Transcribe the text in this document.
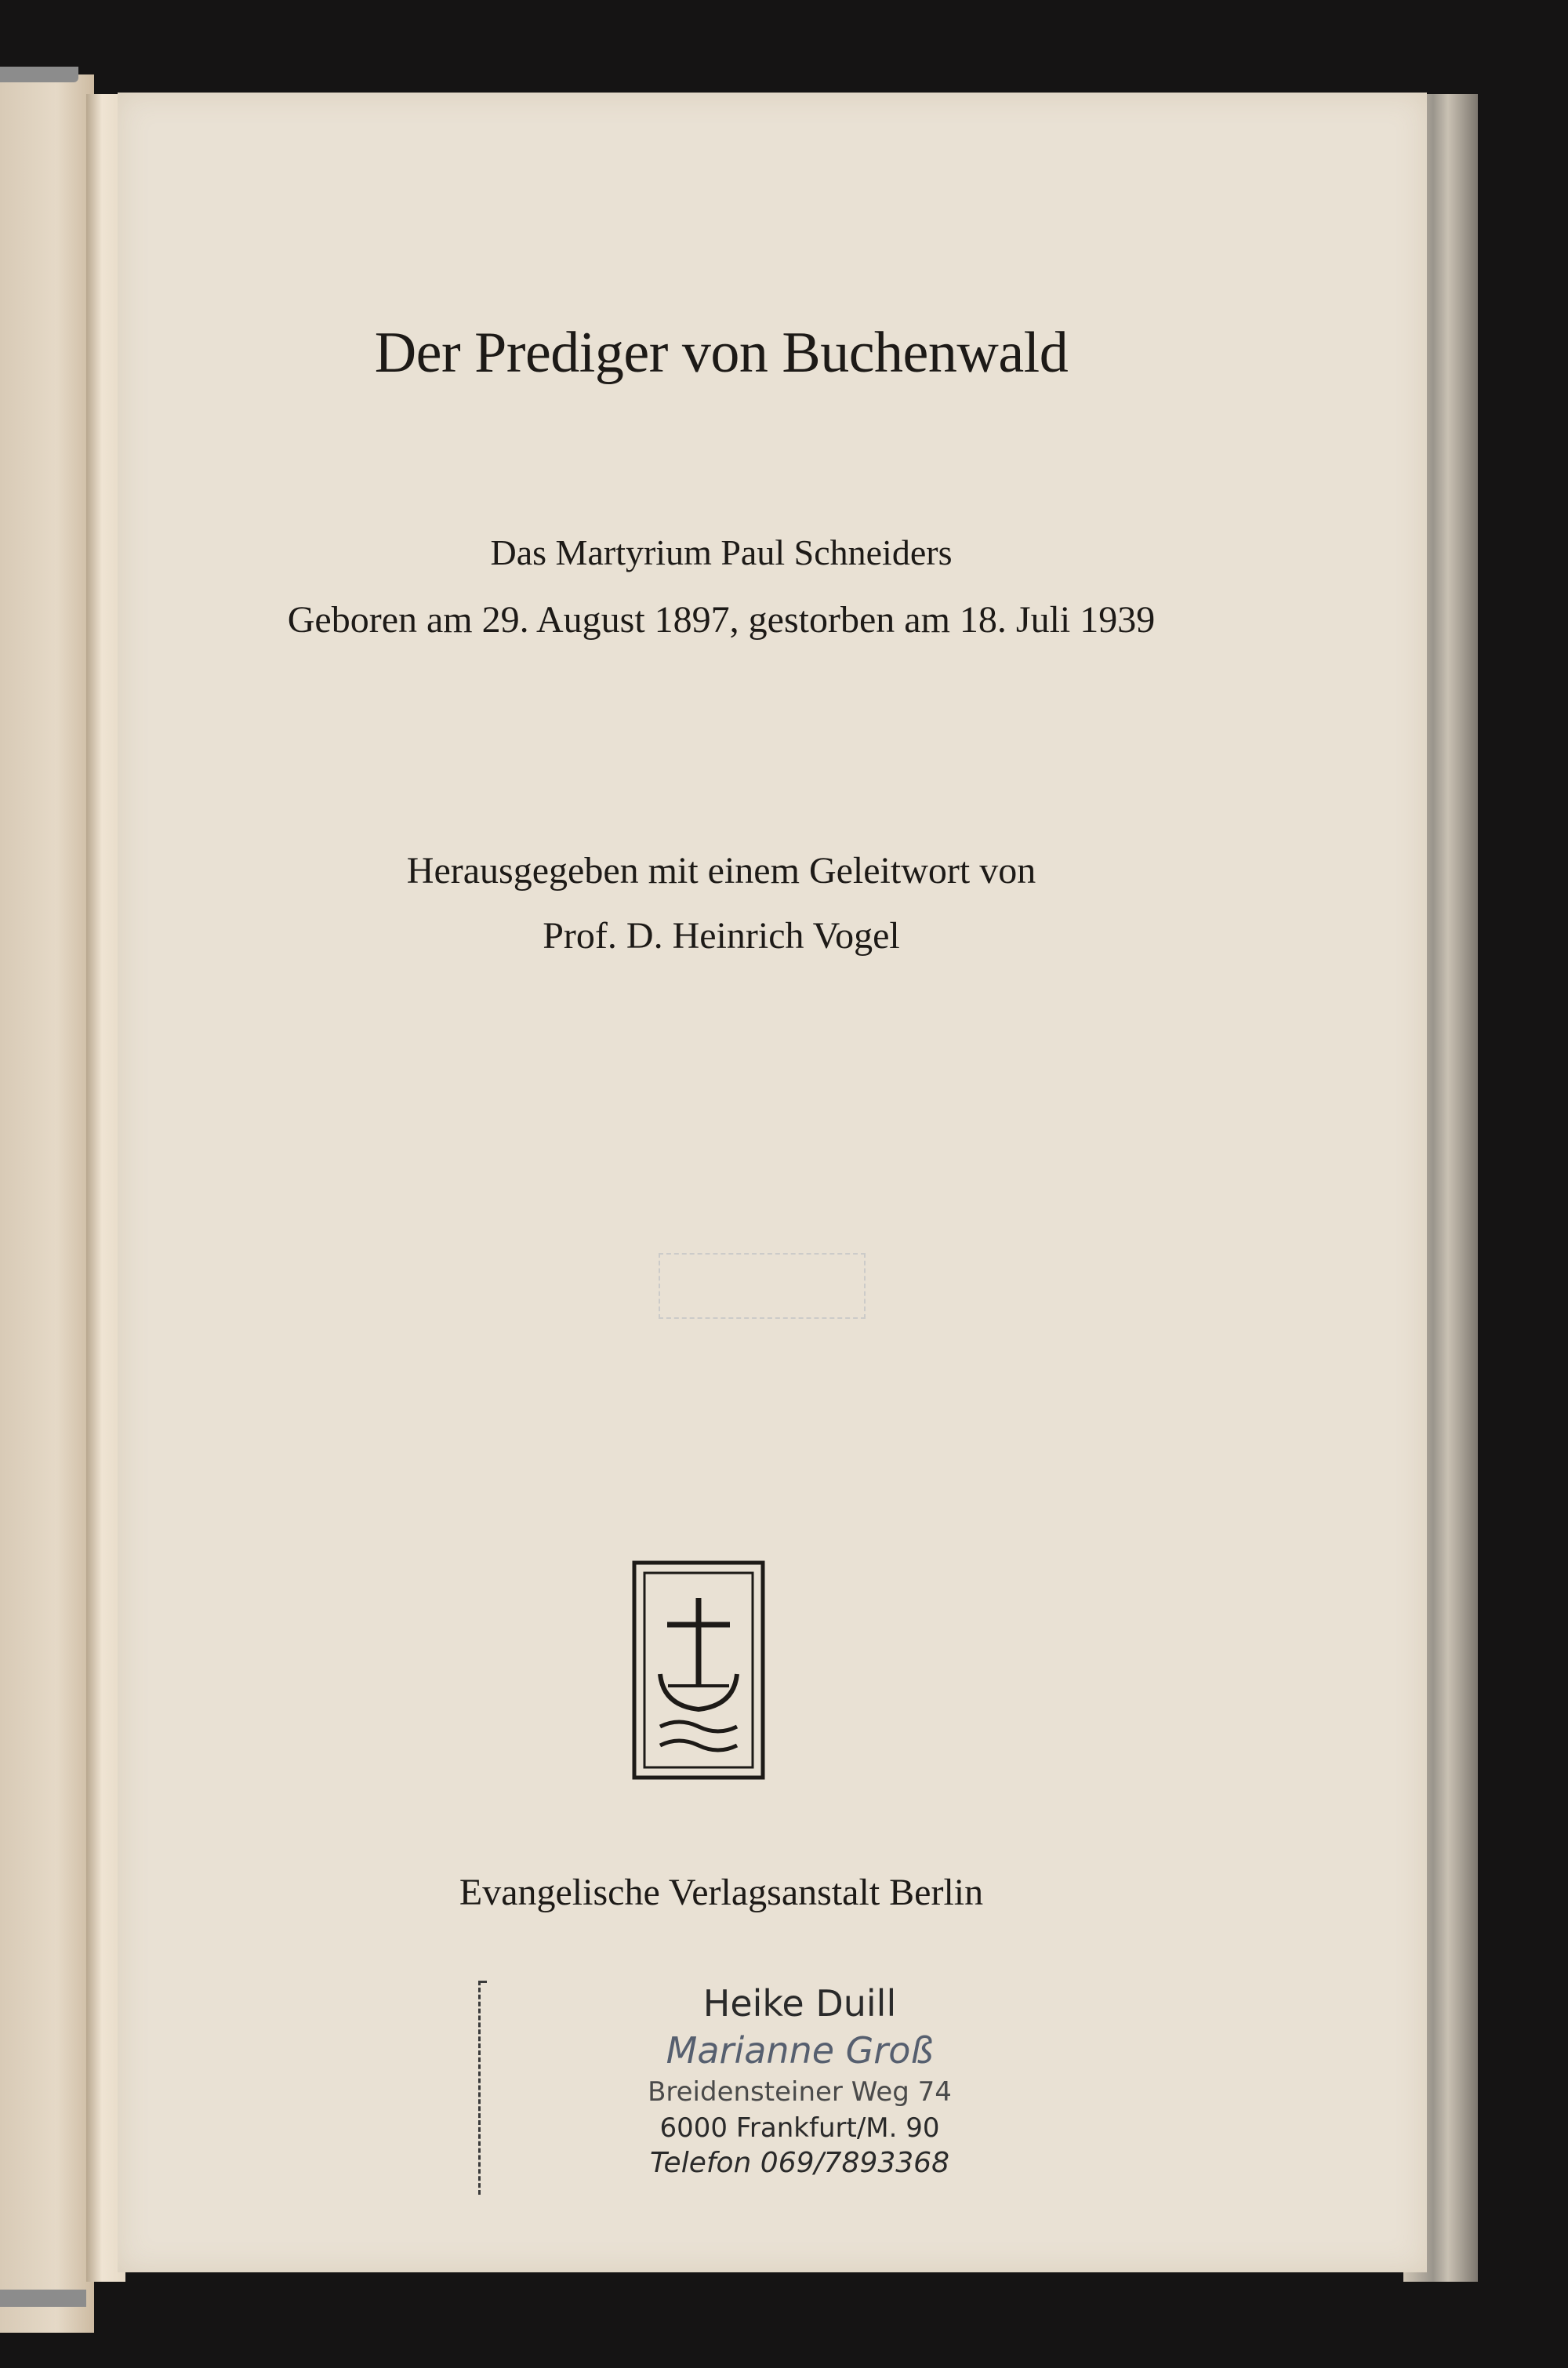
Der Prediger von Buchenwald
Das Martyrium Paul Schneiders
Geboren am 29. August 1897, gestorben am 18. Juli 1939
Herausgegeben mit einem Geleitwort von
Prof. D. Heinrich Vogel
Evangelische Verlagsanstalt Berlin
Heike Duill
Marianne Groß
Breidensteiner Weg 74
6000 Frankfurt/M. 90
Telefon 069/7893368
